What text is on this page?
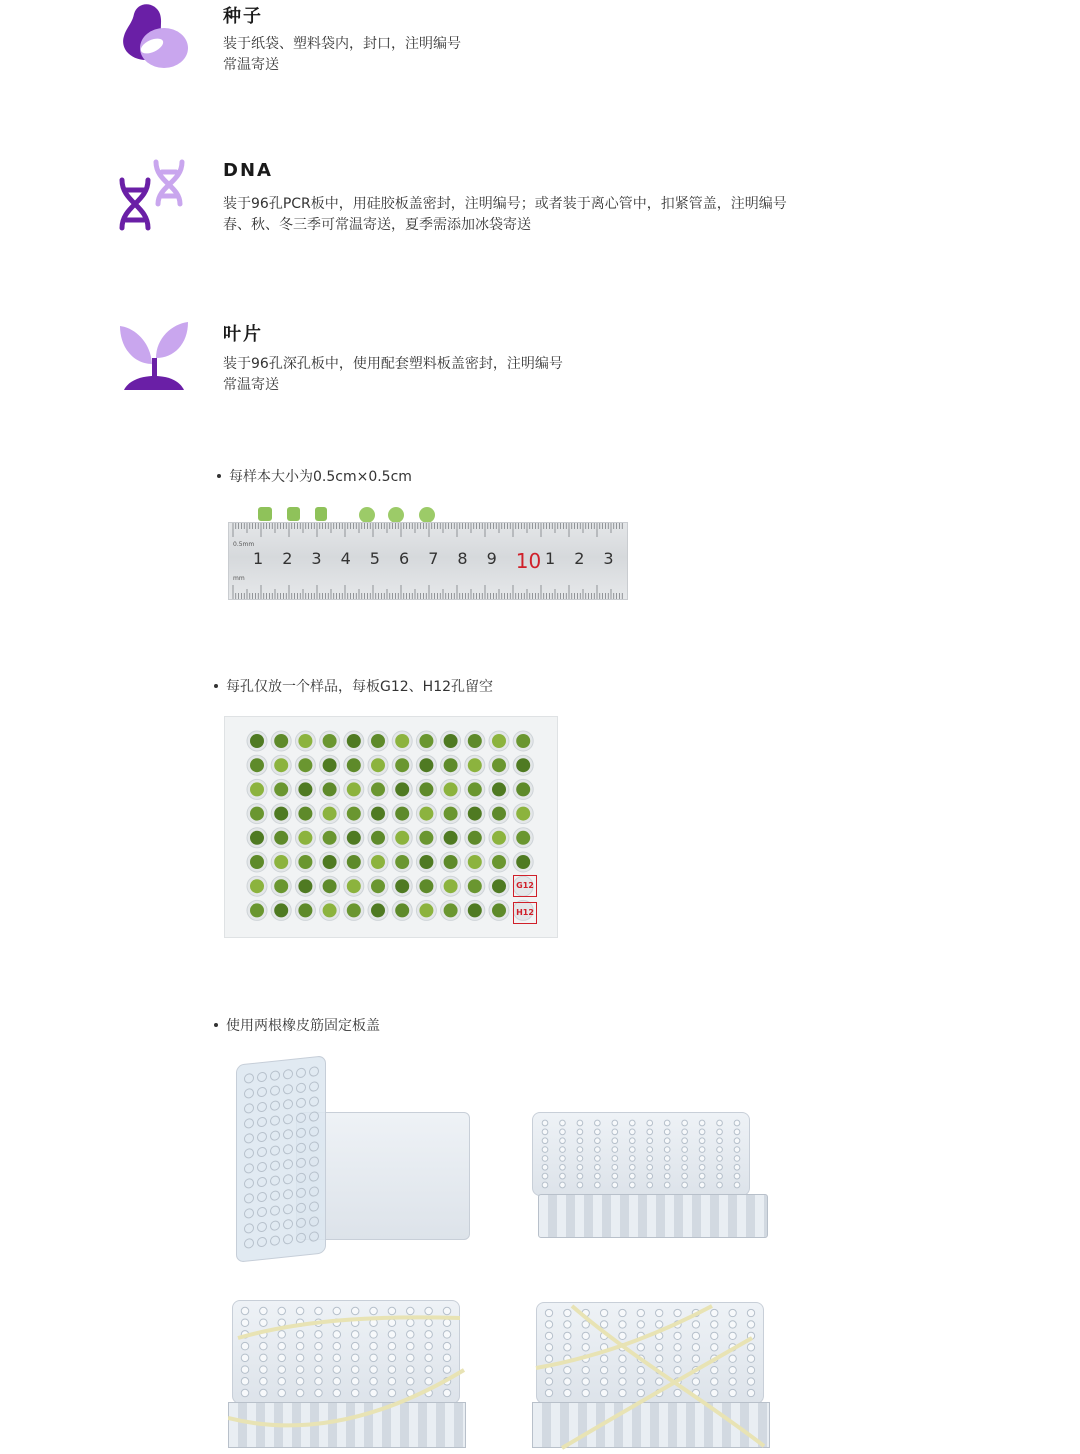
种子
装于纸袋、塑料袋内，封口，注明编号
常温寄送
DNA
装于96孔PCR板中，用硅胶板盖密封，注明编号；或者装于离心管中，扣紧管盖，注明编号
春、秋、冬三季可常温寄送，夏季需添加冰袋寄送
叶片
装于96孔深孔板中，使用配套塑料板盖密封，注明编号
常温寄送
每样本大小为0.5cm×0.5cm
0.5mm
mm
1 2 3 4 5 6 7 8 9 10 1 2 3
每孔仅放一个样品，每板G12、H12孔留空
G12
H12
使用两根橡皮筋固定板盖
